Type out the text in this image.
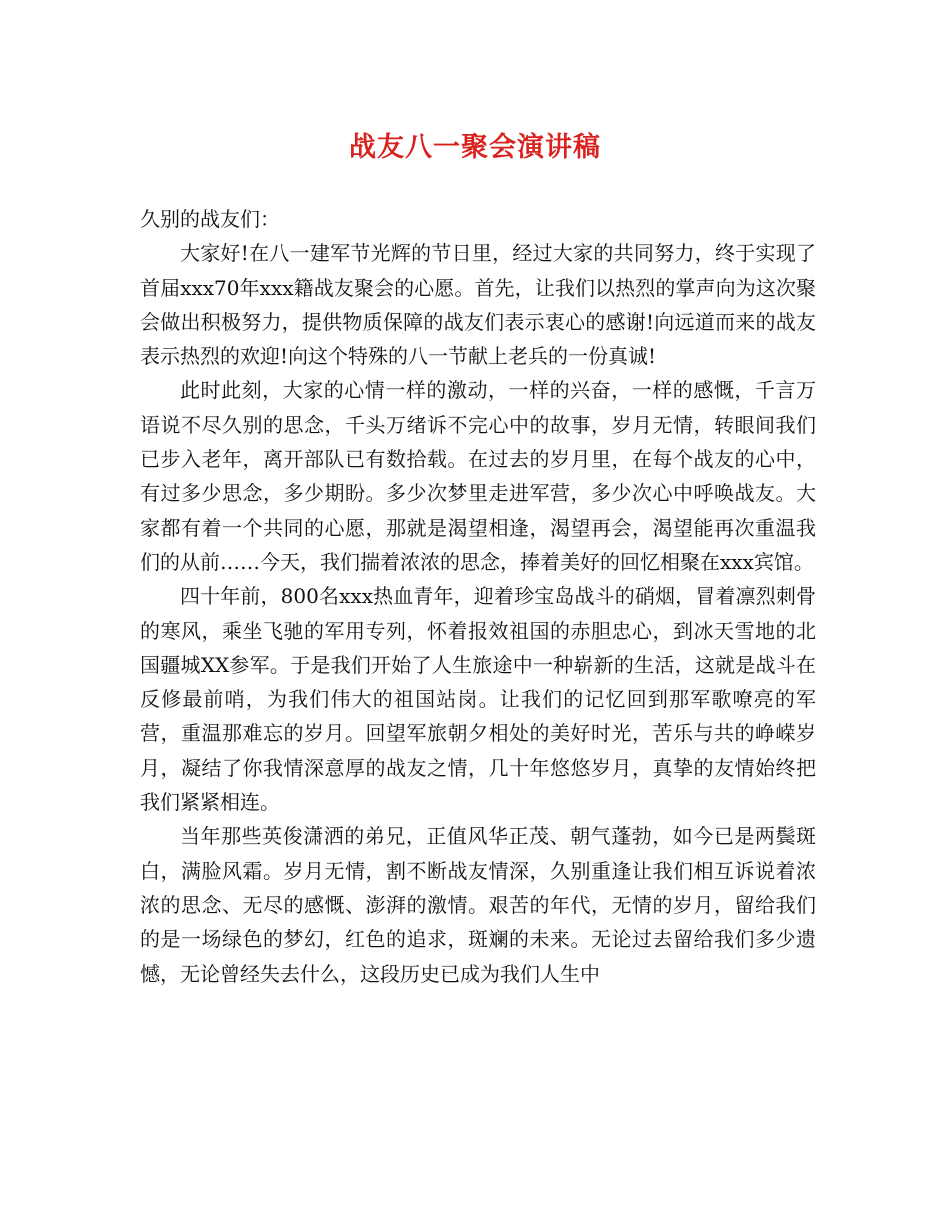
战友八一聚会演讲稿

久别的战友们：

大家好!在八一建军节光辉的节日里，经过大家的共同努力，终于实现了首届xxx70年xxx籍战友聚会的心愿。首先，让我们以热烈的掌声向为这次聚会做出积极努力，提供物质保障的战友们表示衷心的感谢!向远道而来的战友表示热烈的欢迎!向这个特殊的八一节献上老兵的一份真诚!

此时此刻，大家的心情一样的激动，一样的兴奋，一样的感慨，千言万语说不尽久别的思念，千头万绪诉不完心中的故事，岁月无情，转眼间我们已步入老年，离开部队已有数拾载。在过去的岁月里，在每个战友的心中，有过多少思念，多少期盼。多少次梦里走进军营，多少次心中呼唤战友。大家都有着一个共同的心愿，那就是渴望相逢，渴望再会，渴望能再次重温我们的从前……今天，我们揣着浓浓的思念，捧着美好的回忆相聚在xxx宾馆。

四十年前，800名xxx热血青年，迎着珍宝岛战斗的硝烟，冒着凛烈刺骨的寒风，乘坐飞驰的军用专列，怀着报效祖国的赤胆忠心，到冰天雪地的北国疆城XX参军。于是我们开始了人生旅途中一种崭新的生活，这就是战斗在反修最前哨，为我们伟大的祖国站岗。让我们的记忆回到那军歌嘹亮的军营，重温那难忘的岁月。回望军旅朝夕相处的美好时光，苦乐与共的峥嵘岁月，凝结了你我情深意厚的战友之情，几十年悠悠岁月，真挚的友情始终把我们紧紧相连。

当年那些英俊潇洒的弟兄，正值风华正茂、朝气蓬勃，如今已是两鬓斑白，满脸风霜。岁月无情，割不断战友情深，久别重逢让我们相互诉说着浓浓的思念、无尽的感慨、澎湃的激情。艰苦的年代，无情的岁月，留给我们的是一场绿色的梦幻，红色的追求，斑斓的未来。无论过去留给我们多少遗憾，无论曾经失去什么，这段历史已成为我们人生中
